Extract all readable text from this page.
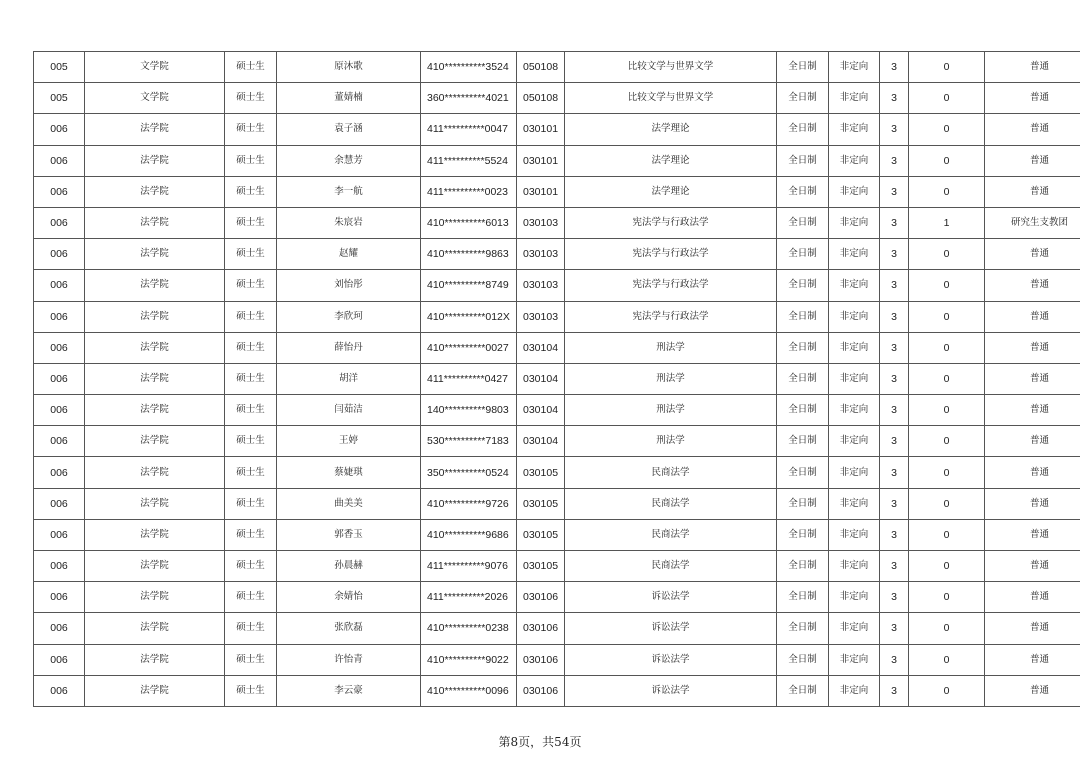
005	文学院	硕士生	原沐歌	410**********3524	050108	比较文学与世界文学	全日制	非定向	3	0	普通
005	文学院	硕士生	董婧楠	360**********4021	050108	比较文学与世界文学	全日制	非定向	3	0	普通
006	法学院	硕士生	袁子涵	411**********0047	030101	法学理论	全日制	非定向	3	0	普通
006	法学院	硕士生	余慧芳	411**********5524	030101	法学理论	全日制	非定向	3	0	普通
006	法学院	硕士生	李一航	411**********0023	030101	法学理论	全日制	非定向	3	0	普通
006	法学院	硕士生	朱宸岩	410**********6013	030103	宪法学与行政法学	全日制	非定向	3	1	研究生支教团
006	法学院	硕士生	赵耀	410**********9863	030103	宪法学与行政法学	全日制	非定向	3	0	普通
006	法学院	硕士生	刘怡彤	410**********8749	030103	宪法学与行政法学	全日制	非定向	3	0	普通
006	法学院	硕士生	李欣珂	410**********012X	030103	宪法学与行政法学	全日制	非定向	3	0	普通
006	法学院	硕士生	薛怡丹	410**********0027	030104	刑法学	全日制	非定向	3	0	普通
006	法学院	硕士生	胡洋	411**********0427	030104	刑法学	全日制	非定向	3	0	普通
006	法学院	硕士生	闫茹洁	140**********9803	030104	刑法学	全日制	非定向	3	0	普通
006	法学院	硕士生	王婷	530**********7183	030104	刑法学	全日制	非定向	3	0	普通
006	法学院	硕士生	蔡婕琪	350**********0524	030105	民商法学	全日制	非定向	3	0	普通
006	法学院	硕士生	曲美美	410**********9726	030105	民商法学	全日制	非定向	3	0	普通
006	法学院	硕士生	郭香玉	410**********9686	030105	民商法学	全日制	非定向	3	0	普通
006	法学院	硕士生	孙晨赫	411**********9076	030105	民商法学	全日制	非定向	3	0	普通
006	法学院	硕士生	余婧怡	411**********2026	030106	诉讼法学	全日制	非定向	3	0	普通
006	法学院	硕士生	张欣磊	410**********0238	030106	诉讼法学	全日制	非定向	3	0	普通
006	法学院	硕士生	许怡青	410**********9022	030106	诉讼法学	全日制	非定向	3	0	普通
006	法学院	硕士生	李云豪	410**********0096	030106	诉讼法学	全日制	非定向	3	0	普通
第8页，共54页
